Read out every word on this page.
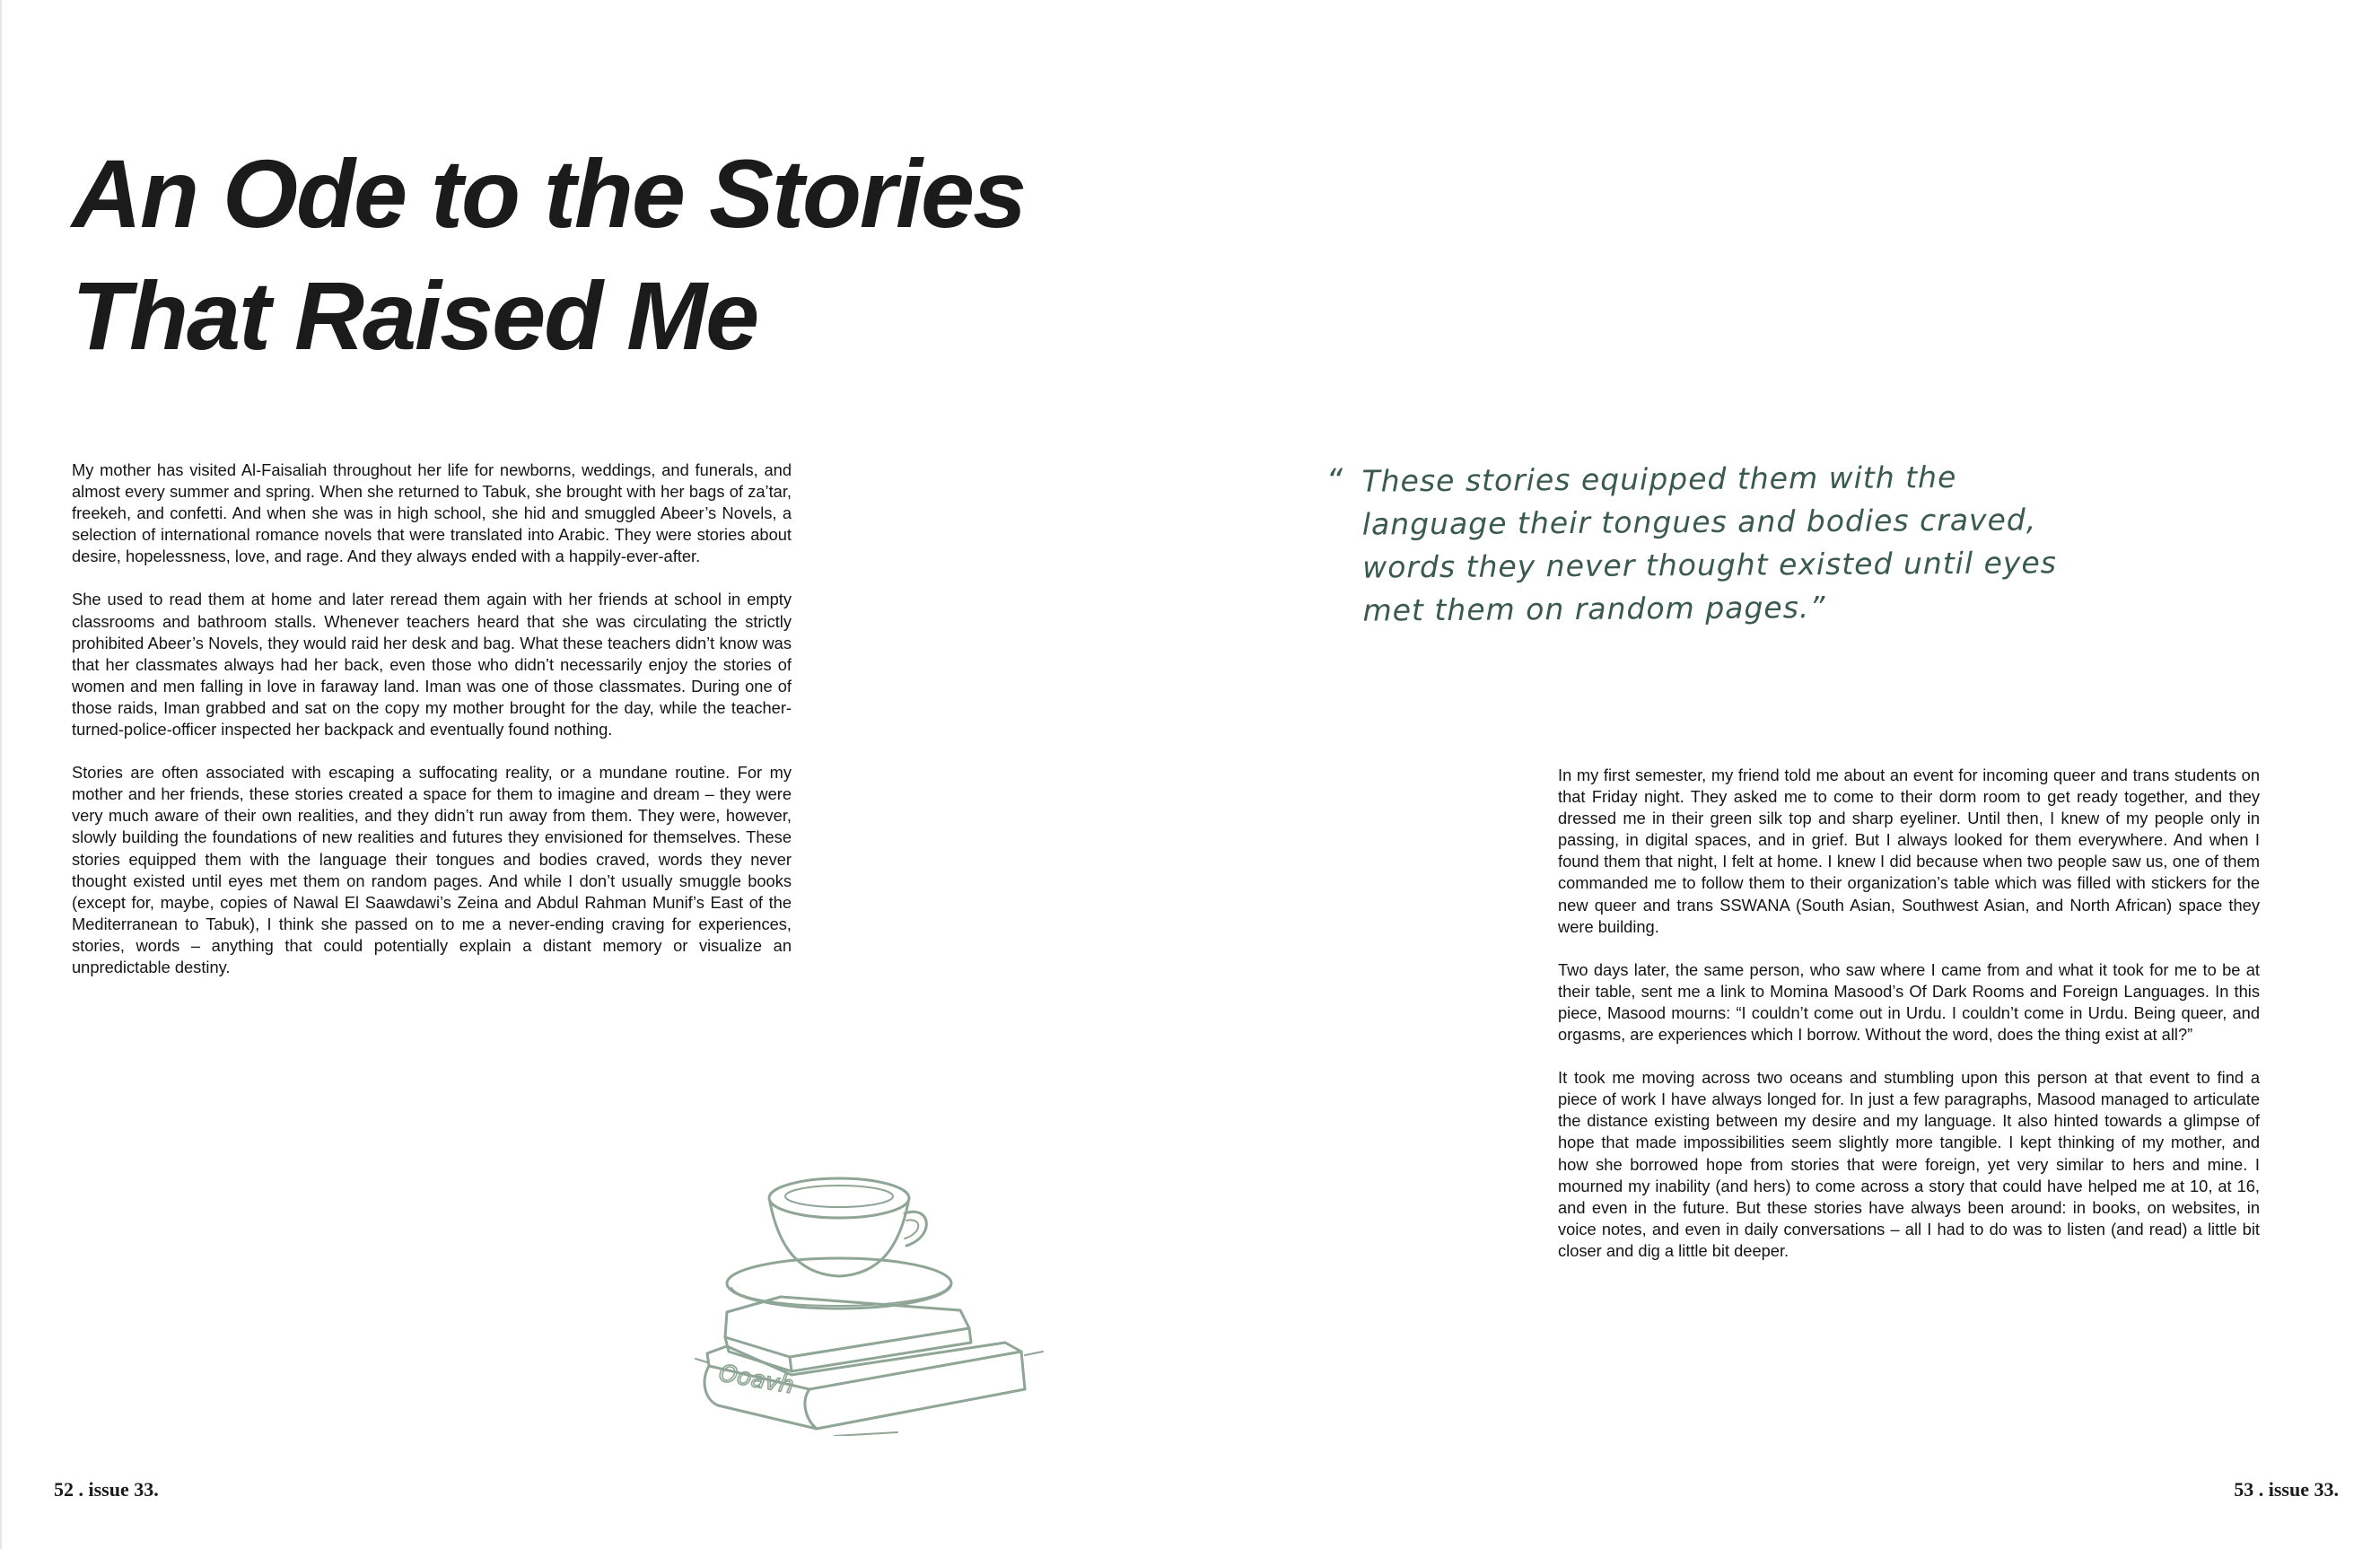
An Ode to the Stories
That Raised Me

My mother has visited Al-Faisaliah throughout her life for newborns, weddings, and funerals, and almost every summer and spring. When she returned to Tabuk, she brought with her bags of za’tar, freekeh, and confetti. And when she was in high school, she hid and smuggled Abeer’s Novels, a selection of international romance novels that were translated into Arabic. They were stories about desire, hopelessness, love, and rage. And they always ended with a happily-ever-after.

She used to read them at home and later reread them again with her friends at school in empty classrooms and bathroom stalls. Whenever teachers heard that she was circulating the strictly prohibited Abeer’s Novels, they would raid her desk and bag. What these teachers didn’t know was that her classmates always had her back, even those who didn’t necessarily enjoy the stories of women and men falling in love in faraway land. Iman was one of those classmates. During one of those raids, Iman grabbed and sat on the copy my mother brought for the day, while the teacher-turned-police-officer inspected her backpack and eventually found nothing.

Stories are often associated with escaping a suffocating reality, or a mundane routine. For my mother and her friends, these stories created a space for them to imagine and dream – they were very much aware of their own realities, and they didn’t run away from them. They were, however, slowly building the foundations of new realities and futures they envisioned for themselves. These stories equipped them with the language their tongues and bodies craved, words they never thought existed until eyes met them on random pages. And while I don’t usually smuggle books (except for, maybe, copies of Nawal El Saawdawi’s Zeina and Abdul Rahman Munif’s East of the Mediterranean to Tabuk), I think she passed on to me a never-ending craving for experiences, stories, words – anything that could potentially explain a distant memory or visualize an unpredictable destiny.

“ These stories equipped them with the language their tongues and bodies craved, words they never thought existed until eyes met them on random pages.”

In my first semester, my friend told me about an event for incoming queer and trans students on that Friday night. They asked me to come to their dorm room to get ready together, and they dressed me in their green silk top and sharp eyeliner. Until then, I knew of my people only in passing, in digital spaces, and in grief. But I always looked for them everywhere. And when I found them that night, I felt at home. I knew I did because when two people saw us, one of them commanded me to follow them to their organization’s table which was filled with stickers for the new queer and trans SSWANA (South Asian, Southwest Asian, and North African) space they were building.

Two days later, the same person, who saw where I came from and what it took for me to be at their table, sent me a link to Momina Masood’s Of Dark Rooms and Foreign Languages. In this piece, Masood mourns: “I couldn’t come out in Urdu. I couldn’t come in Urdu. Being queer, and orgasms, are experiences which I borrow. Without the word, does the thing exist at all?”

It took me moving across two oceans and stumbling upon this person at that event to find a piece of work I have always longed for. In just a few paragraphs, Masood managed to articulate the distance existing between my desire and my language. It also hinted towards a glimpse of hope that made impossibilities seem slightly more tangible. I kept thinking of my mother, and how she borrowed hope from stories that were foreign, yet very similar to hers and mine. I mourned my inability (and hers) to come across a story that could have helped me at 10, at 16, and even in the future. But these stories have always been around: in books, on websites, in voice notes, and even in daily conversations – all I had to do was to listen (and read) a little bit closer and dig a little bit deeper.

Ooavh
52 . issue 33.	53 . issue 33.
